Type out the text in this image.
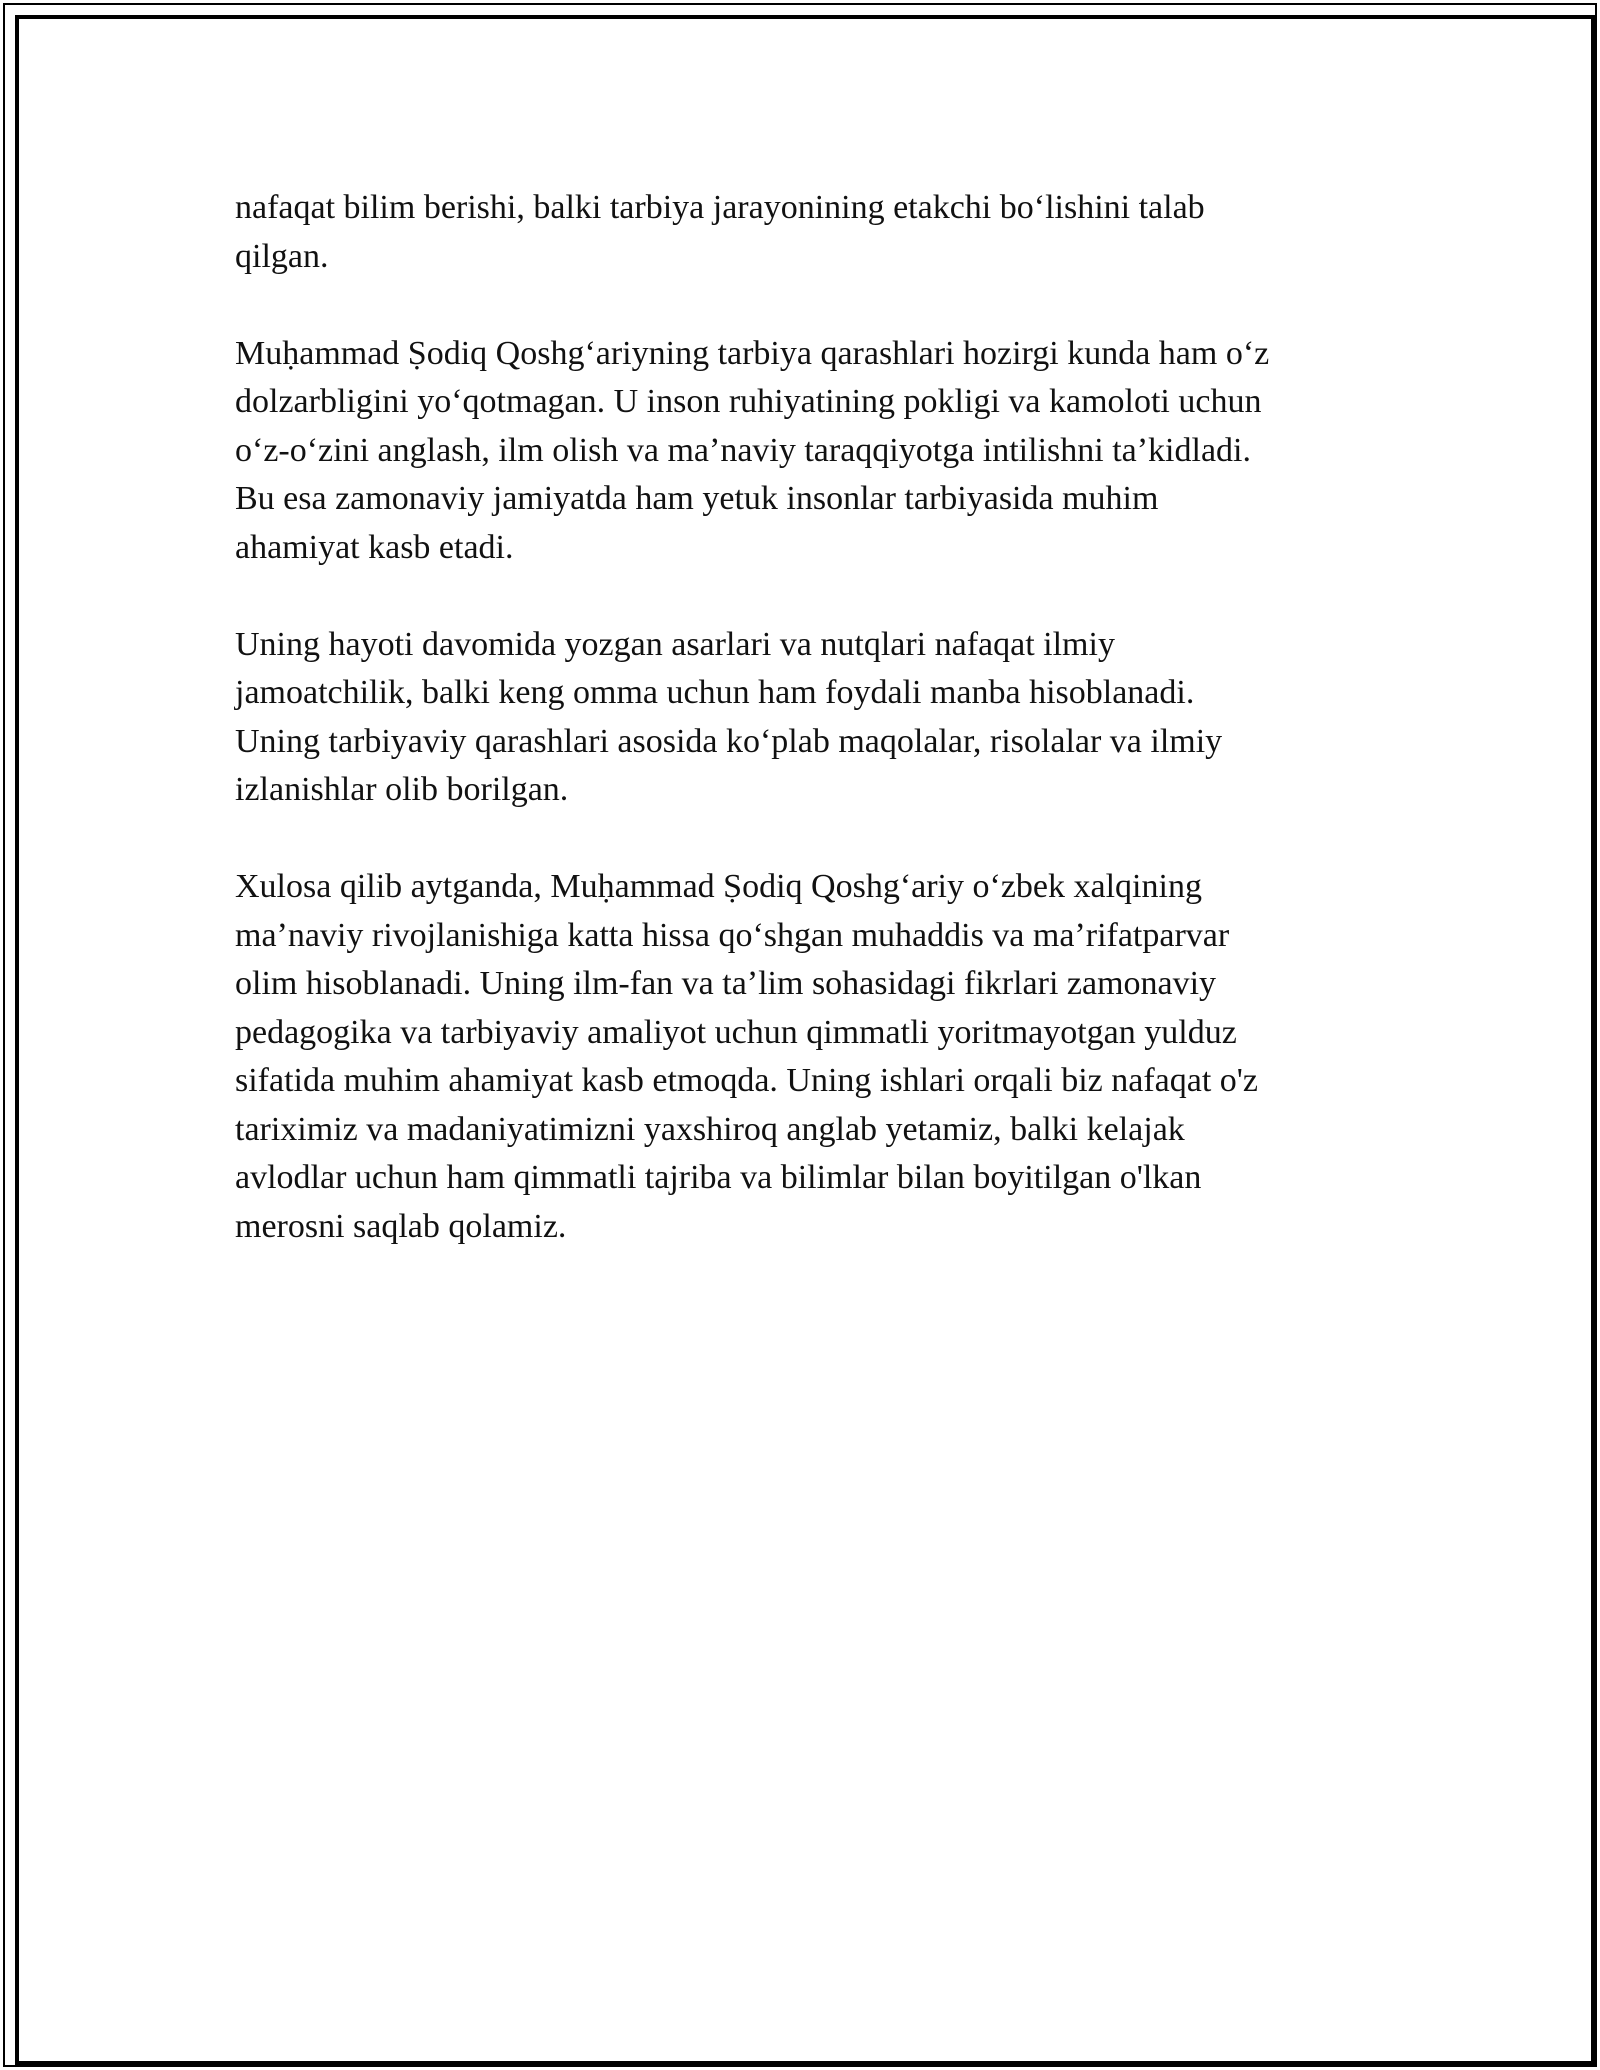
nafaqat bilim berishi, balki tarbiya jarayonining etakchi boʻlishini talab
qilgan.

Muḥammad Ṣodiq Qoshgʻariyning tarbiya qarashlari hozirgi kunda ham oʻz
dolzarbligini yoʻqotmagan. U inson ruhiyatining pokligi va kamoloti uchun
oʻz-oʻzini anglash, ilm olish va maʼnaviy taraqqiyotga intilishni taʼkidladi.
Bu esa zamonaviy jamiyatda ham yetuk insonlar tarbiyasida muhim
ahamiyat kasb etadi.

Uning hayoti davomida yozgan asarlari va nutqlari nafaqat ilmiy
jamoatchilik, balki keng omma uchun ham foydali manba hisoblanadi.
Uning tarbiyaviy qarashlari asosida koʻplab maqolalar, risolalar va ilmiy
izlanishlar olib borilgan.

Xulosa qilib aytganda, Muḥammad Ṣodiq Qoshgʻariy oʻzbek xalqining
maʼnaviy rivojlanishiga katta hissa qoʻshgan muhaddis va maʼrifatparvar
olim hisoblanadi. Uning ilm-fan va taʼlim sohasidagi fikrlari zamonaviy
pedagogika va tarbiyaviy amaliyot uchun qimmatli yoritmayotgan yulduz
sifatida muhim ahamiyat kasb etmoqda. Uning ishlari orqali biz nafaqat o'z
tariximiz va madaniyatimizni yaxshiroq anglab yetamiz, balki kelajak
avlodlar uchun ham qimmatli tajriba va bilimlar bilan boyitilgan o'lkan
merosni saqlab qolamiz.
